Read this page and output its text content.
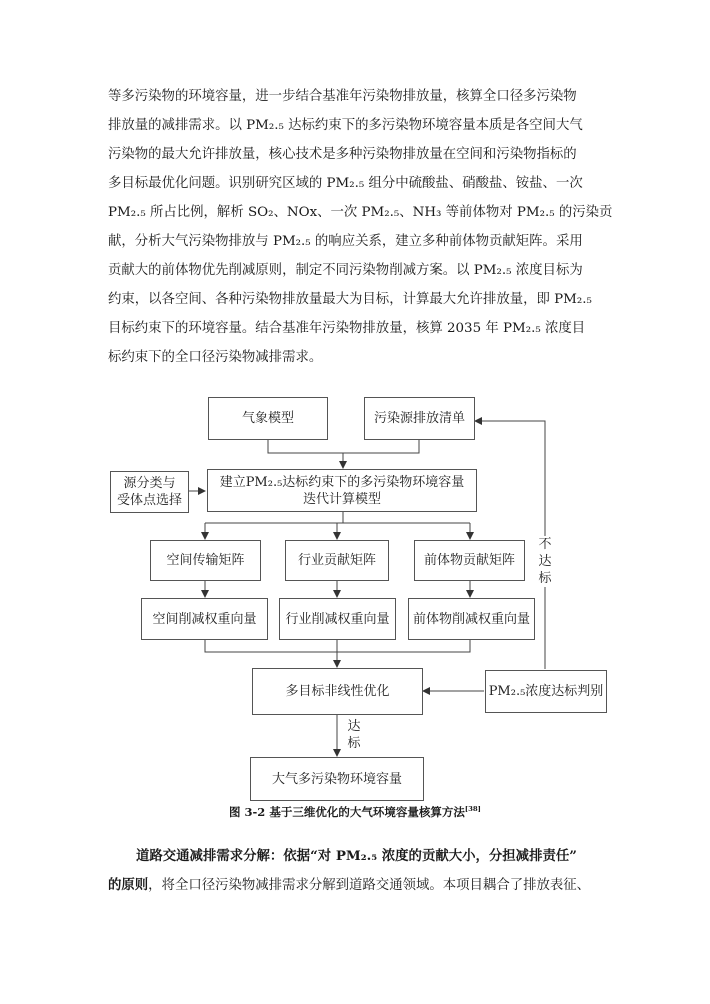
等多污染物的环境容量，进一步结合基准年污染物排放量，核算全口径多污染物
排放量的减排需求。以 PM₂.₅ 达标约束下的多污染物环境容量本质是各空间大气
污染物的最大允许排放量，核心技术是多种污染物排放量在空间和污染物指标的
多目标最优化问题。识别研究区域的 PM₂.₅ 组分中硫酸盐、硝酸盐、铵盐、一次
PM₂.₅ 所占比例，解析 SO₂、NOx、一次 PM₂.₅、NH₃ 等前体物对 PM₂.₅ 的污染贡
献，分析大气污染物排放与 PM₂.₅ 的响应关系，建立多种前体物贡献矩阵。采用
贡献大的前体物优先削减原则，制定不同污染物削减方案。以 PM₂.₅ 浓度目标为
约束，以各空间、各种污染物排放量最大为目标，计算最大允许排放量，即 PM₂.₅
目标约束下的环境容量。结合基准年污染物排放量，核算 2035 年 PM₂.₅ 浓度目
标约束下的全口径污染物减排需求。
气象模型	污染源排放清单
源分类与
受体点选择
建立PM₂.₅达标约束下的多污染物环境容量
迭代计算模型
空间传输矩阵	行业贡献矩阵	前体物贡献矩阵
空间削减权重向量 行业削减权重向量 前体物削减权重向量
多目标非线性优化	PM₂.₅浓度达标判别
大气多污染物环境容量
不
达
标
达
标
图 3-2 基于三维优化的大气环境容量核算方法[38]
道路交通减排需求分解：依据“对 PM₂.₅ 浓度的贡献大小，分担减排责任”
的原则，将全口径污染物减排需求分解到道路交通领域。本项目耦合了排放表征、
